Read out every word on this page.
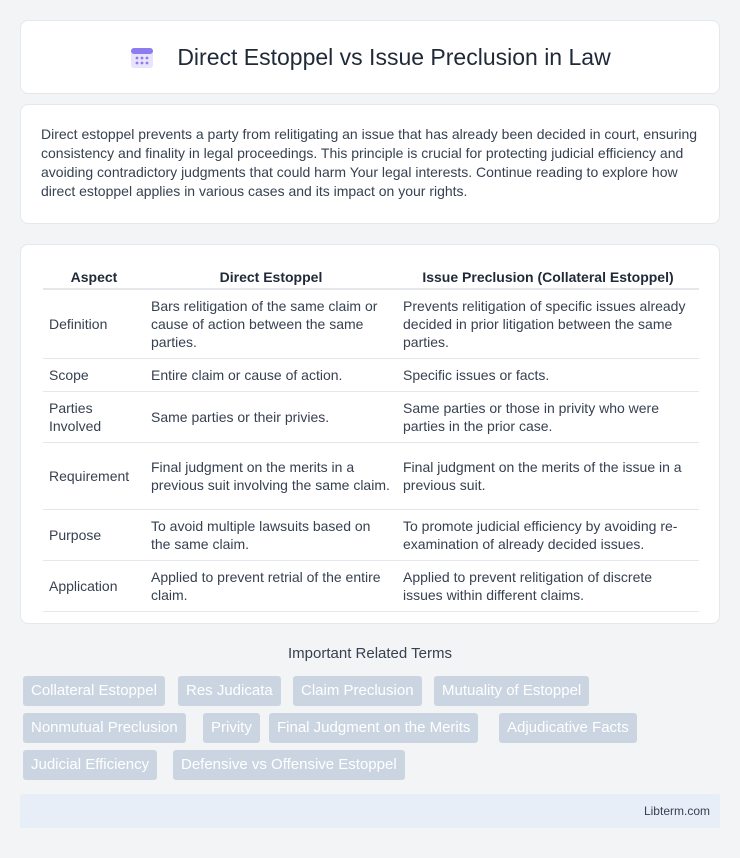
Direct Estoppel vs Issue Preclusion in Law

Direct estoppel prevents a party from relitigating an issue that has already been decided in court, ensuring consistency and finality in legal proceedings. This principle is crucial for protecting judicial efficiency and avoiding contradictory judgments that could harm Your legal interests. Continue reading to explore how direct estoppel applies in various cases and its impact on your rights.

Aspect	Direct Estoppel	Issue Preclusion (Collateral Estoppel)
Definition	Bars relitigation of the same claim or cause of action between the same parties.	Prevents relitigation of specific issues already decided in prior litigation between the same parties.
Scope	Entire claim or cause of action.	Specific issues or facts.
Parties Involved	Same parties or their privies.	Same parties or those in privity who were parties in the prior case.
Requirement	Final judgment on the merits in a previous suit involving the same claim.	Final judgment on the merits of the issue in a previous suit.
Purpose	To avoid multiple lawsuits based on the same claim.	To promote judicial efficiency by avoiding re-examination of already decided issues.
Application	Applied to prevent retrial of the entire claim.	Applied to prevent relitigation of discrete issues within different claims.
Important Related Terms
Collateral Estoppel	Res Judicata	Claim Preclusion	Mutuality of Estoppel
Nonmutual Preclusion	Privity	Final Judgment on the Merits	Adjudicative Facts
Judicial Efficiency	Defensive vs Offensive Estoppel
Libterm.com
